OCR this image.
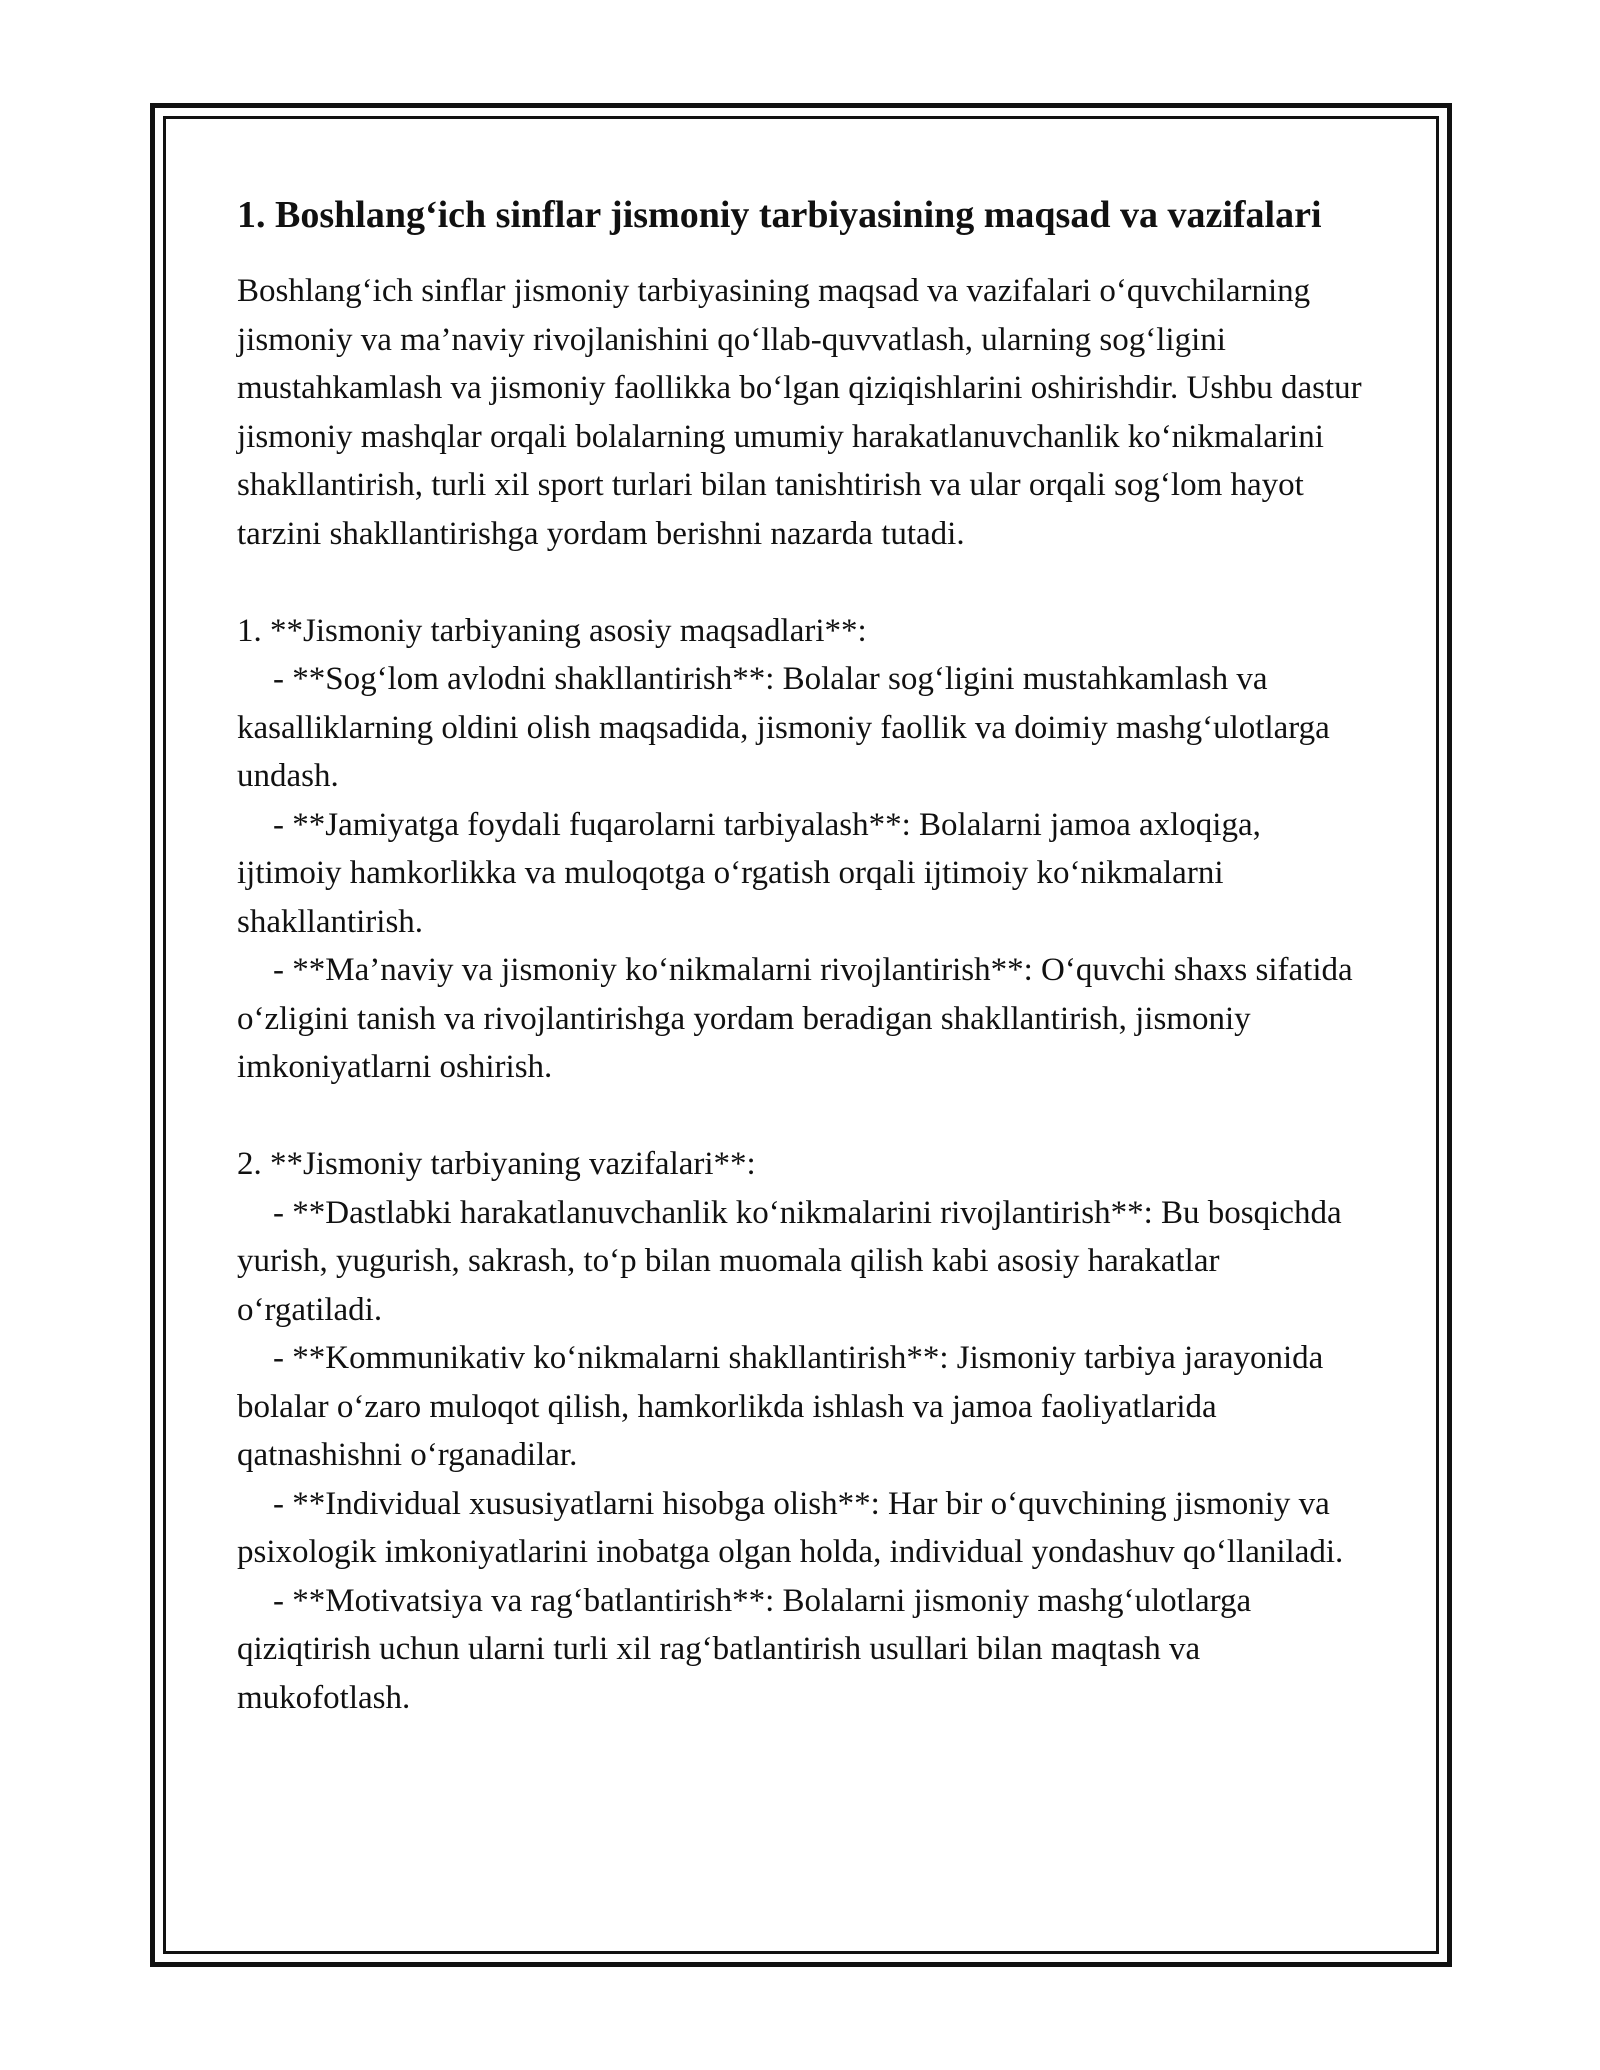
1. Boshlang‘ich sinflar jismoniy tarbiyasining maqsad va vazifalari

Boshlang‘ich sinflar jismoniy tarbiyasining maqsad va vazifalari o‘quvchilarning jismoniy va ma’naviy rivojlanishini qo‘llab-quvvatlash, ularning sog‘ligini mustahkamlash va jismoniy faollikka bo‘lgan qiziqishlarini oshirishdir. Ushbu dastur jismoniy mashqlar orqali bolalarning umumiy harakatlanuvchanlik ko‘nikmalarini shakllantirish, turli xil sport turlari bilan tanishtirish va ular orqali sog‘lom hayot tarzini shakllantirishga yordam berishni nazarda tutadi.

1. **Jismoniy tarbiyaning asosiy maqsadlari**:

- **Sog‘lom avlodni shakllantirish**: Bolalar sog‘ligini mustahkamlash va kasalliklarning oldini olish maqsadida, jismoniy faollik va doimiy mashg‘ulotlarga undash.

- **Jamiyatga foydali fuqarolarni tarbiyalash**: Bolalarni jamoa axloqiga, ijtimoiy hamkorlikka va muloqotga o‘rgatish orqali ijtimoiy ko‘nikmalarni shakllantirish.

- **Ma’naviy va jismoniy ko‘nikmalarni rivojlantirish**: O‘quvchi shaxs sifatida o‘zligini tanish va rivojlantirishga yordam beradigan shakllantirish, jismoniy imkoniyatlarni oshirish.

2. **Jismoniy tarbiyaning vazifalari**:

- **Dastlabki harakatlanuvchanlik ko‘nikmalarini rivojlantirish**: Bu bosqichda yurish, yugurish, sakrash, to‘p bilan muomala qilish kabi asosiy harakatlar o‘rgatiladi.

- **Kommunikativ ko‘nikmalarni shakllantirish**: Jismoniy tarbiya jarayonida bolalar o‘zaro muloqot qilish, hamkorlikda ishlash va jamoa faoliyatlarida qatnashishni o‘rganadilar.

- **Individual xususiyatlarni hisobga olish**: Har bir o‘quvchining jismoniy va psixologik imkoniyatlarini inobatga olgan holda, individual yondashuv qo‘llaniladi.

- **Motivatsiya va rag‘batlantirish**: Bolalarni jismoniy mashg‘ulotlarga qiziqtirish uchun ularni turli xil rag‘batlantirish usullari bilan maqtash va mukofotlash.
